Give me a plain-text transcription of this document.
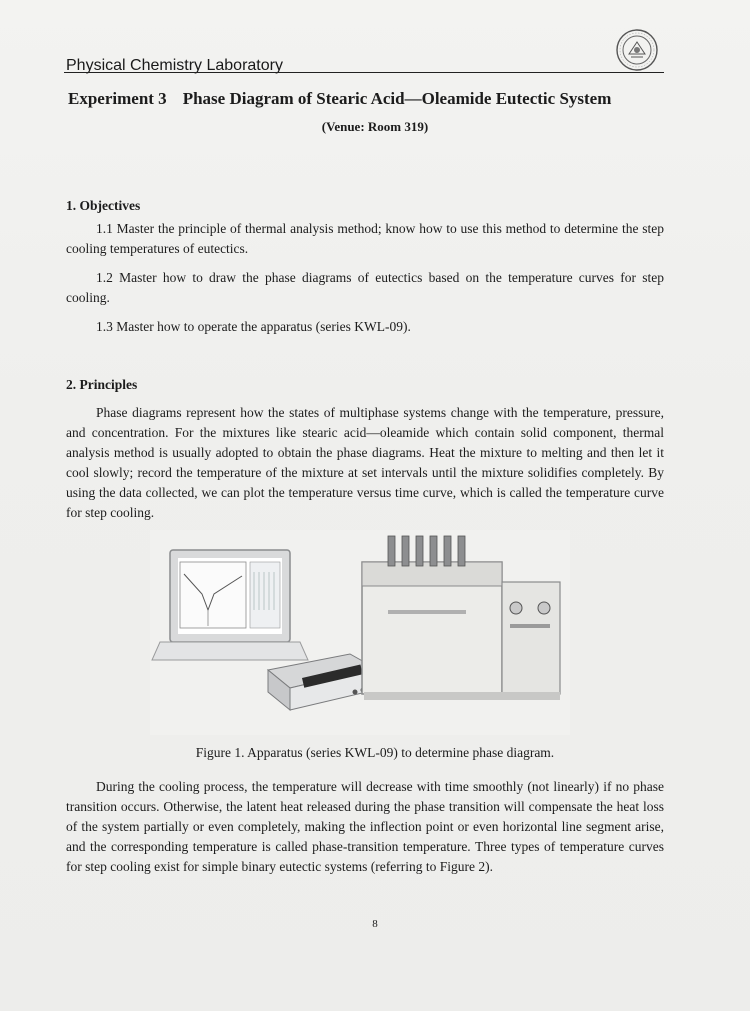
Physical Chemistry Laboratory
Experiment 3 Phase Diagram of Stearic Acid—Oleamide Eutectic System
(Venue: Room 319)
1. Objectives

1.1 Master the principle of thermal analysis method; know how to use this method to determine the step cooling temperatures of eutectics.

1.2 Master how to draw the phase diagrams of eutectics based on the temperature curves for step cooling.

1.3 Master how to operate the apparatus (series KWL-09).

2. Principles

Phase diagrams represent how the states of multiphase systems change with the temperature, pressure, and concentration. For the mixtures like stearic acid—oleamide which contain solid component, thermal analysis method is usually adopted to obtain the phase diagrams. Heat the mixture to melting and then let it cool slowly; record the temperature of the mixture at set intervals until the mixture solidifies completely. By using the data collected, we can plot the temperature versus time curve, which is called the temperature curve for step cooling.

Figure 1. Apparatus (series KWL-09) to determine phase diagram.

During the cooling process, the temperature will decrease with time smoothly (not linearly) if no phase transition occurs. Otherwise, the latent heat released during the phase transition will compensate the heat loss of the system partially or even completely, making the inflection point or even horizontal line segment arise, and the corresponding temperature is called phase-transition temperature. Three types of temperature curves for step cooling exist for simple binary eutectic systems (referring to Figure 2).

8
